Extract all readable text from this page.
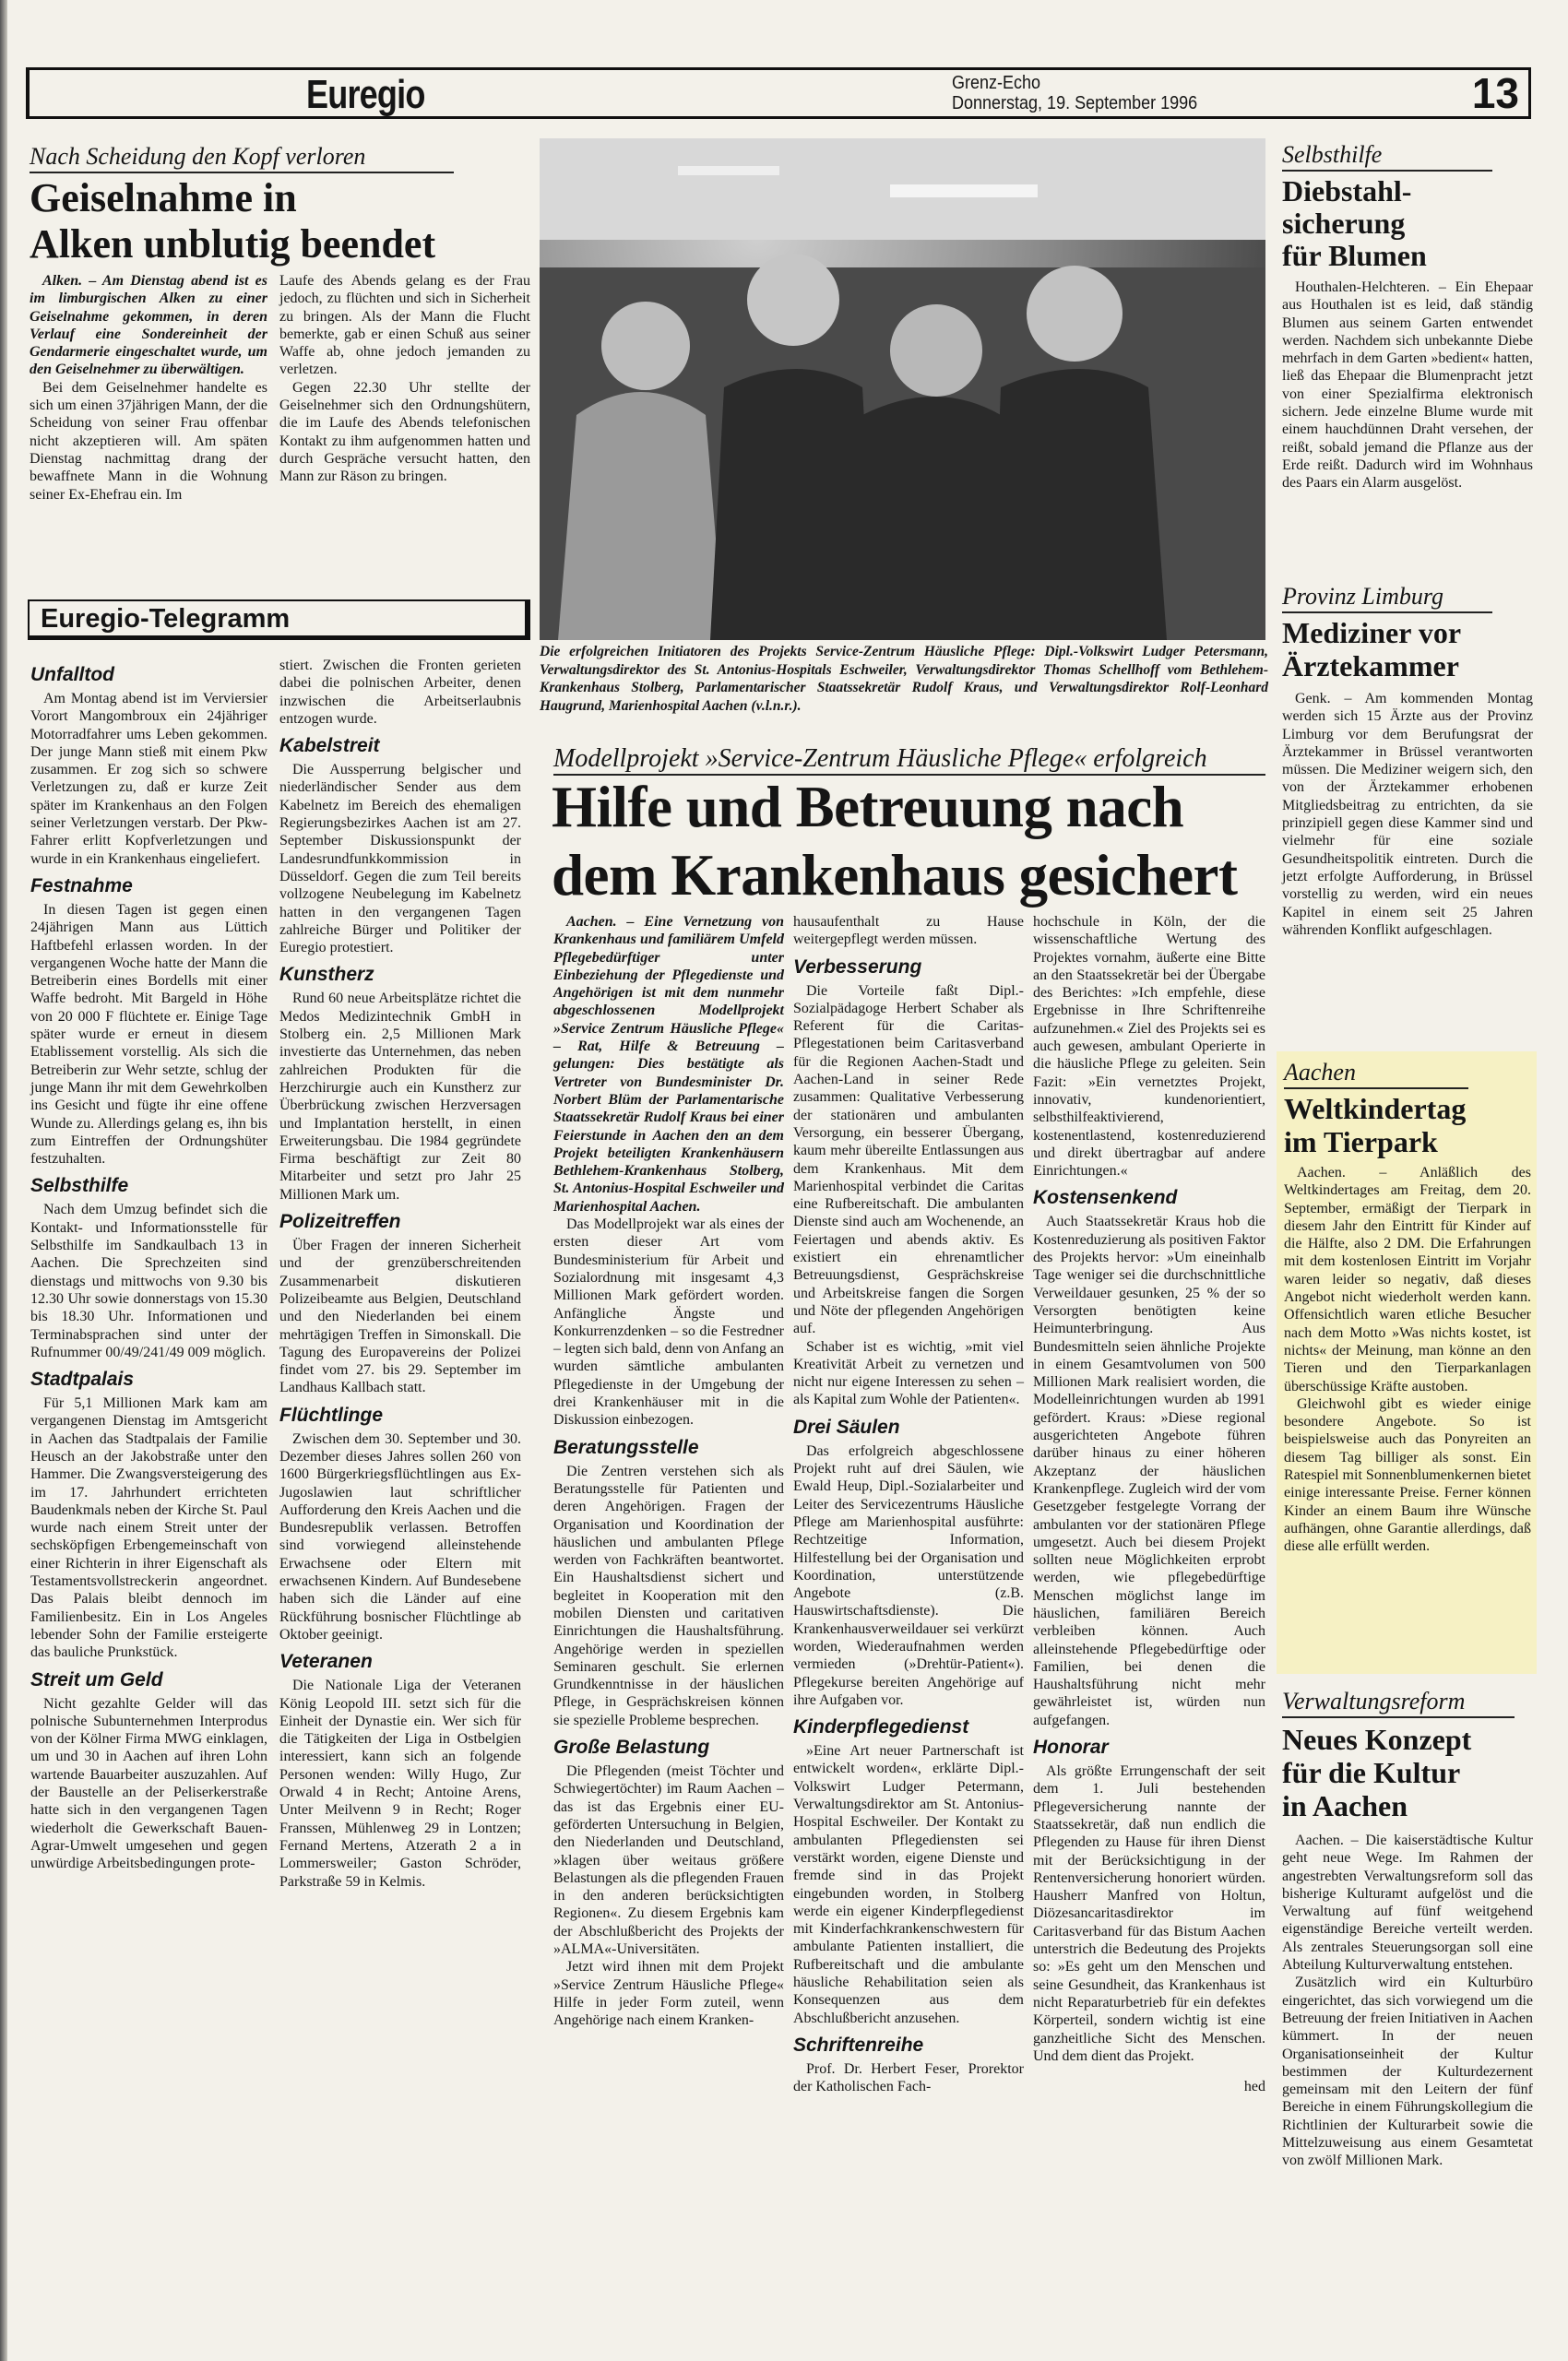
Euregio	Grenz-Echo
Donnerstag, 19. September 1996	13
Nach Scheidung den Kopf verloren
Geiselnahme in
Alken unblutig beendet

Alken. – Am Dienstag abend ist es im limburgischen Alken zu einer Geiselnahme gekommen, in deren Verlauf eine Sondereinheit der Gendarmerie eingeschaltet wurde, um den Geiselnehmer zu überwältigen.

Bei dem Geiselnehmer handelte es sich um einen 37jährigen Mann, der die Scheidung von seiner Frau offenbar nicht akzeptieren will. Am späten Dienstag nachmittag drang der bewaffnete Mann in die Wohnung seiner Ex-Ehefrau ein. Im

Laufe des Abends gelang es der Frau jedoch, zu flüchten und sich in Sicherheit zu bringen. Als der Mann die Flucht bemerkte, gab er einen Schuß aus seiner Waffe ab, ohne jedoch jemanden zu verletzen.

Gegen 22.30 Uhr stellte der Geiselnehmer sich den Ordnungshütern, die im Laufe des Abends telefonischen Kontakt zu ihm aufgenommen hatten und durch Gespräche versucht hatten, den Mann zur Räson zu bringen.

Euregio-Telegramm
Unfalltod

Am Montag abend ist im Verviersier Vorort Mangombroux ein 24jähriger Motorradfahrer ums Leben gekommen. Der junge Mann stieß mit einem Pkw zusammen. Er zog sich so schwere Verletzungen zu, daß er kurze Zeit später im Krankenhaus an den Folgen seiner Verletzungen verstarb. Der Pkw-Fahrer erlitt Kopfverletzungen und wurde in ein Krankenhaus eingeliefert.

Festnahme

In diesen Tagen ist gegen einen 24jährigen Mann aus Lüttich Haftbefehl erlassen worden. In der vergangenen Woche hatte der Mann die Betreiberin eines Bordells mit einer Waffe bedroht. Mit Bargeld in Höhe von 20 000 F flüchtete er. Einige Tage später wurde er erneut in diesem Etablissement vorstellig. Als sich die Betreiberin zur Wehr setzte, schlug der junge Mann ihr mit dem Gewehrkolben ins Gesicht und fügte ihr eine offene Wunde zu. Allerdings gelang es, ihn bis zum Eintreffen der Ordnungshüter festzuhalten.

Selbsthilfe

Nach dem Umzug befindet sich die Kontakt- und Informationsstelle für Selbsthilfe im Sandkaulbach 13 in Aachen. Die Sprechzeiten sind dienstags und mittwochs von 9.30 bis 12.30 Uhr sowie donnerstags von 15.30 bis 18.30 Uhr. Informationen und Terminabsprachen sind unter der Rufnummer 00/49/241/49 009 möglich.

Stadtpalais

Für 5,1 Millionen Mark kam am vergangenen Dienstag im Amtsgericht in Aachen das Stadtpalais der Familie Heusch an der Jakobstraße unter den Hammer. Die Zwangsversteigerung des im 17. Jahrhundert errichteten Baudenkmals neben der Kirche St. Paul wurde nach einem Streit unter der sechsköpfigen Erbengemeinschaft von einer Richterin in ihrer Eigenschaft als Testamentsvollstreckerin angeordnet. Das Palais bleibt dennoch im Familienbesitz. Ein in Los Angeles lebender Sohn der Familie ersteigerte das bauliche Prunkstück.

Streit um Geld

Nicht gezahlte Gelder will das polnische Subunternehmen Interprodus von der Kölner Firma MWG einklagen, um und 30 in Aachen auf ihren Lohn wartende Bauarbeiter auszuzahlen. Auf der Baustelle an der Peliserkerstraße hatte sich in den vergangenen Tagen wiederholt die Gewerkschaft Bauen-Agrar-Umwelt umgesehen und gegen unwürdige Arbeitsbedingungen prote-

stiert. Zwischen die Fronten gerieten dabei die polnischen Arbeiter, denen inzwischen die Arbeitserlaubnis entzogen wurde.

Kabelstreit

Die Aussperrung belgischer und niederländischer Sender aus dem Kabelnetz im Bereich des ehemaligen Regierungsbezirkes Aachen ist am 27. September Diskussionspunkt der Landesrundfunkkommission in Düsseldorf. Gegen die zum Teil bereits vollzogene Neubelegung im Kabelnetz hatten in den vergangenen Tagen zahlreiche Bürger und Politiker der Euregio protestiert.

Kunstherz

Rund 60 neue Arbeitsplätze richtet die Medos Medizintechnik GmbH in Stolberg ein. 2,5 Millionen Mark investierte das Unternehmen, das neben zahlreichen Produkten für die Herzchirurgie auch ein Kunstherz zur Überbrückung zwischen Herzversagen und Implantation herstellt, in einen Erweiterungsbau. Die 1984 gegründete Firma beschäftigt zur Zeit 80 Mitarbeiter und setzt pro Jahr 25 Millionen Mark um.

Polizeitreffen

Über Fragen der inneren Sicherheit und der grenzüberschreitenden Zusammenarbeit diskutieren Polizeibeamte aus Belgien, Deutschland und den Niederlanden bei einem mehrtägigen Treffen in Simonskall. Die Tagung des Europavereins der Polizei findet vom 27. bis 29. September im Landhaus Kallbach statt.

Flüchtlinge

Zwischen dem 30. September und 30. Dezember dieses Jahres sollen 260 von 1600 Bürgerkriegsflüchtlingen aus Ex-Jugoslawien laut schriftlicher Aufforderung den Kreis Aachen und die Bundesrepublik verlassen. Betroffen sind vorwiegend alleinstehende Erwachsene oder Eltern mit erwachsenen Kindern. Auf Bundesebene haben sich die Länder auf eine Rückführung bosnischer Flüchtlinge ab Oktober geeinigt.

Veteranen

Die Nationale Liga der Veteranen König Leopold III. setzt sich für die Einheit der Dynastie ein. Wer sich für die Tätigkeiten der Liga in Ostbelgien interessiert, kann sich an folgende Personen wenden: Willy Hugo, Zur Orwald 4 in Recht; Antoine Arens, Unter Meilvenn 9 in Recht; Roger Franssen, Mühlenweg 29 in Lontzen; Fernand Mertens, Atzerath 2 a in Lommersweiler; Gaston Schröder, Parkstraße 59 in Kelmis.

Die erfolgreichen Initiatoren des Projekts Service-Zentrum Häusliche Pflege: Dipl.-Volkswirt Ludger Petersmann, Verwaltungsdirektor des St. Antonius-Hospitals Eschweiler, Verwaltungsdirektor Thomas Schellhoff vom Bethlehem-Krankenhaus Stolberg, Parlamentarischer Staatssekretär Rudolf Kraus, und Verwaltungsdirektor Rolf-Leonhard Haugrund, Marienhospital Aachen (v.l.n.r.).
Modellprojekt »Service-Zentrum Häusliche Pflege« erfolgreich
Hilfe und Betreuung nach
dem Krankenhaus gesichert

Aachen. – Eine Vernetzung von Krankenhaus und familiärem Umfeld Pflegebedürftiger unter Einbeziehung der Pflegedienste und Angehörigen ist mit dem nunmehr abgeschlossenen Modellprojekt »Service Zentrum Häusliche Pflege« – Rat, Hilfe & Betreuung – gelungen: Dies bestätigte als Vertreter von Bundesminister Dr. Norbert Blüm der Parlamentarische Staatssekretär Rudolf Kraus bei einer Feierstunde in Aachen den an dem Projekt beteiligten Krankenhäusern Bethlehem-Krankenhaus Stolberg, St. Antonius-Hospital Eschweiler und Marienhospital Aachen.

Das Modellprojekt war als eines der ersten dieser Art vom Bundesministerium für Arbeit und Sozialordnung mit insgesamt 4,3 Millionen Mark gefördert worden. Anfängliche Ängste und Konkurrenzdenken – so die Festredner – legten sich bald, denn von Anfang an wurden sämtliche ambulanten Pflegedienste in der Umgebung der drei Krankenhäuser mit in die Diskussion einbezogen.

Beratungsstelle

Die Zentren verstehen sich als Beratungsstelle für Patienten und deren Angehörigen. Fragen der Organisation und Koordination der häuslichen und ambulanten Pflege werden von Fachkräften beantwortet. Ein Haushaltsdienst sichert und begleitet in Kooperation mit den mobilen Diensten und caritativen Einrichtungen die Haushaltsführung. Angehörige werden in speziellen Seminaren geschult. Sie erlernen Grundkenntnisse in der häuslichen Pflege, in Gesprächskreisen können sie spezielle Probleme besprechen.

Große Belastung

Die Pflegenden (meist Töchter und Schwiegertöchter) im Raum Aachen – das ist das Ergebnis einer EU-geförderten Untersuchung in Belgien, den Niederlanden und Deutschland, »klagen über weitaus größere Belastungen als die pflegenden Frauen in den anderen berücksichtigten Regionen«. Zu diesem Ergebnis kam der Abschlußbericht des Projekts der »ALMA«-Universitäten.

Jetzt wird ihnen mit dem Projekt »Service Zentrum Häusliche Pflege« Hilfe in jeder Form zuteil, wenn Angehörige nach einem Kranken-

hausaufenthalt zu Hause weitergepflegt werden müssen.

Verbesserung

Die Vorteile faßt Dipl.-Sozialpädagoge Herbert Schaber als Referent für die Caritas-Pflegestationen beim Caritasverband für die Regionen Aachen-Stadt und Aachen-Land in seiner Rede zusammen: Qualitative Verbesserung der stationären und ambulanten Versorgung, ein besserer Übergang, kaum mehr übereilte Entlassungen aus dem Krankenhaus. Mit dem Marienhospital verbindet die Caritas eine Rufbereitschaft. Die ambulanten Dienste sind auch am Wochenende, an Feiertagen und abends aktiv. Es existiert ein ehrenamtlicher Betreuungsdienst, Gesprächskreise und Arbeitskreise fangen die Sorgen und Nöte der pflegenden Angehörigen auf.

Schaber ist es wichtig, »mit viel Kreativität Arbeit zu vernetzen und nicht nur eigene Interessen zu sehen – als Kapital zum Wohle der Patienten«.

Drei Säulen

Das erfolgreich abgeschlossene Projekt ruht auf drei Säulen, wie Ewald Heup, Dipl.-Sozialarbeiter und Leiter des Servicezentrums Häusliche Pflege am Marienhospital ausführte: Rechtzeitige Information, Hilfestellung bei der Organisation und Koordination, unterstützende Angebote (z.B. Hauswirtschaftsdienste). Die Krankenhausverweildauer sei verkürzt worden, Wiederaufnahmen werden vermieden (»Drehtür-Patient«). Pflegekurse bereiten Angehörige auf ihre Aufgaben vor.

Kinderpflegedienst

»Eine Art neuer Partnerschaft ist entwickelt worden«, erklärte Dipl.-Volkswirt Ludger Petermann, Verwaltungsdirektor am St. Antonius-Hospital Eschweiler. Der Kontakt zu ambulanten Pflegediensten sei verstärkt worden, eigene Dienste und fremde sind in das Projekt eingebunden worden, in Stolberg werde ein eigener Kinderpflegedienst mit Kinderfachkrankenschwestern für ambulante Patienten installiert, die Rufbereitschaft und die ambulante häusliche Rehabilitation seien als Konsequenzen aus dem Abschlußbericht anzusehen.

Schriftenreihe

Prof. Dr. Herbert Feser, Prorektor der Katholischen Fach-

hochschule in Köln, der die wissenschaftliche Wertung des Projektes vornahm, äußerte eine Bitte an den Staatssekretär bei der Übergabe des Berichtes: »Ich empfehle, diese Ergebnisse in Ihre Schriftenreihe aufzunehmen.« Ziel des Projekts sei es auch gewesen, ambulant Operierte in die häusliche Pflege zu geleiten. Sein Fazit: »Ein vernetztes Projekt, innovativ, kundenorientiert, selbsthilfeaktivierend, kostenentlastend, kostenreduzierend und direkt übertragbar auf andere Einrichtungen.«

Kostensenkend

Auch Staatssekretär Kraus hob die Kostenreduzierung als positiven Faktor des Projekts hervor: »Um eineinhalb Tage weniger sei die durchschnittliche Verweildauer gesunken, 25 % der so Versorgten benötigten keine Heimunterbringung. Aus Bundesmitteln seien ähnliche Projekte in einem Gesamtvolumen von 500 Millionen Mark realisiert worden, die Modelleinrichtungen wurden ab 1991 gefördert. Kraus: »Diese regional ausgerichteten Angebote führen darüber hinaus zu einer höheren Akzeptanz der häuslichen Krankenpflege. Zugleich wird der vom Gesetzgeber festgelegte Vorrang der ambulanten vor der stationären Pflege umgesetzt. Auch bei diesem Projekt sollten neue Möglichkeiten erprobt werden, wie pflegebedürftige Menschen möglichst lange im häuslichen, familiären Bereich verbleiben können. Auch alleinstehende Pflegebedürftige oder Familien, bei denen die Haushaltsführung nicht mehr gewährleistet ist, würden nun aufgefangen.

Honorar

Als größte Errungenschaft der seit dem 1. Juli bestehenden Pflegeversicherung nannte der Staatssekretär, daß nun endlich die Pflegenden zu Hause für ihren Dienst mit der Berücksichtigung in der Rentenversicherung honoriert würden. Hausherr Manfred von Holtun, Diözesancaritasdirektor im Caritasverband für das Bistum Aachen unterstrich die Bedeutung des Projekts so: »Es geht um den Menschen und seine Gesundheit, das Krankenhaus ist nicht Reparaturbetrieb für ein defektes Körperteil, sondern wichtig ist eine ganzheitliche Sicht des Menschen. Und dem dient das Projekt.

hed

Selbsthilfe
Diebstahl-
sicherung
für Blumen

Houthalen-Helchteren. – Ein Ehepaar aus Houthalen ist es leid, daß ständig Blumen aus seinem Garten entwendet werden. Nachdem sich unbekannte Diebe mehrfach in dem Garten »bedient« hatten, ließ das Ehepaar die Blumenpracht jetzt von einer Spezialfirma elektronisch sichern. Jede einzelne Blume wurde mit einem hauchdünnen Draht versehen, der reißt, sobald jemand die Pflanze aus der Erde reißt. Dadurch wird im Wohnhaus des Paars ein Alarm ausgelöst.

Provinz Limburg
Mediziner vor
Ärztekammer

Genk. – Am kommenden Montag werden sich 15 Ärzte aus der Provinz Limburg vor dem Berufungsrat der Ärztekammer in Brüssel verantworten müssen. Die Mediziner weigern sich, den von der Ärztekammer erhobenen Mitgliedsbeitrag zu entrichten, da sie prinzipiell gegen diese Kammer sind und vielmehr für eine soziale Gesundheitspolitik eintreten. Durch die jetzt erfolgte Aufforderung, in Brüssel vorstellig zu werden, wird ein neues Kapitel in einem seit 25 Jahren währenden Konflikt aufgeschlagen.

Aachen
Weltkindertag
im Tierpark

Aachen. – Anläßlich des Weltkindertages am Freitag, dem 20. September, ermäßigt der Tierpark in diesem Jahr den Eintritt für Kinder auf die Hälfte, also 2 DM. Die Erfahrungen mit dem kostenlosen Eintritt im Vorjahr waren leider so negativ, daß dieses Angebot nicht wiederholt werden kann. Offensichtlich waren etliche Besucher nach dem Motto »Was nichts kostet, ist nichts« der Meinung, man könne an den Tieren und den Tierparkanlagen überschüssige Kräfte austoben.

Gleichwohl gibt es wieder einige besondere Angebote. So ist beispielsweise auch das Ponyreiten an diesem Tag billiger als sonst. Ein Ratespiel mit Sonnenblumenkernen bietet einige interessante Preise. Ferner können Kinder an einem Baum ihre Wünsche aufhängen, ohne Garantie allerdings, daß diese alle erfüllt werden.

Verwaltungsreform
Neues Konzept
für die Kultur
in Aachen

Aachen. – Die kaiserstädtische Kultur geht neue Wege. Im Rahmen der angestrebten Verwaltungsreform soll das bisherige Kulturamt aufgelöst und die Verwaltung auf fünf weitgehend eigenständige Bereiche verteilt werden. Als zentrales Steuerungsorgan soll eine Abteilung Kulturverwaltung entstehen.

Zusätzlich wird ein Kulturbüro eingerichtet, das sich vorwiegend um die Betreuung der freien Initiativen in Aachen kümmert. In der neuen Organisationseinheit der Kultur bestimmen der Kulturdezernent gemeinsam mit den Leitern der fünf Bereiche in einem Führungskollegium die Richtlinien der Kulturarbeit sowie die Mittelzuweisung aus einem Gesamtetat von zwölf Millionen Mark.
